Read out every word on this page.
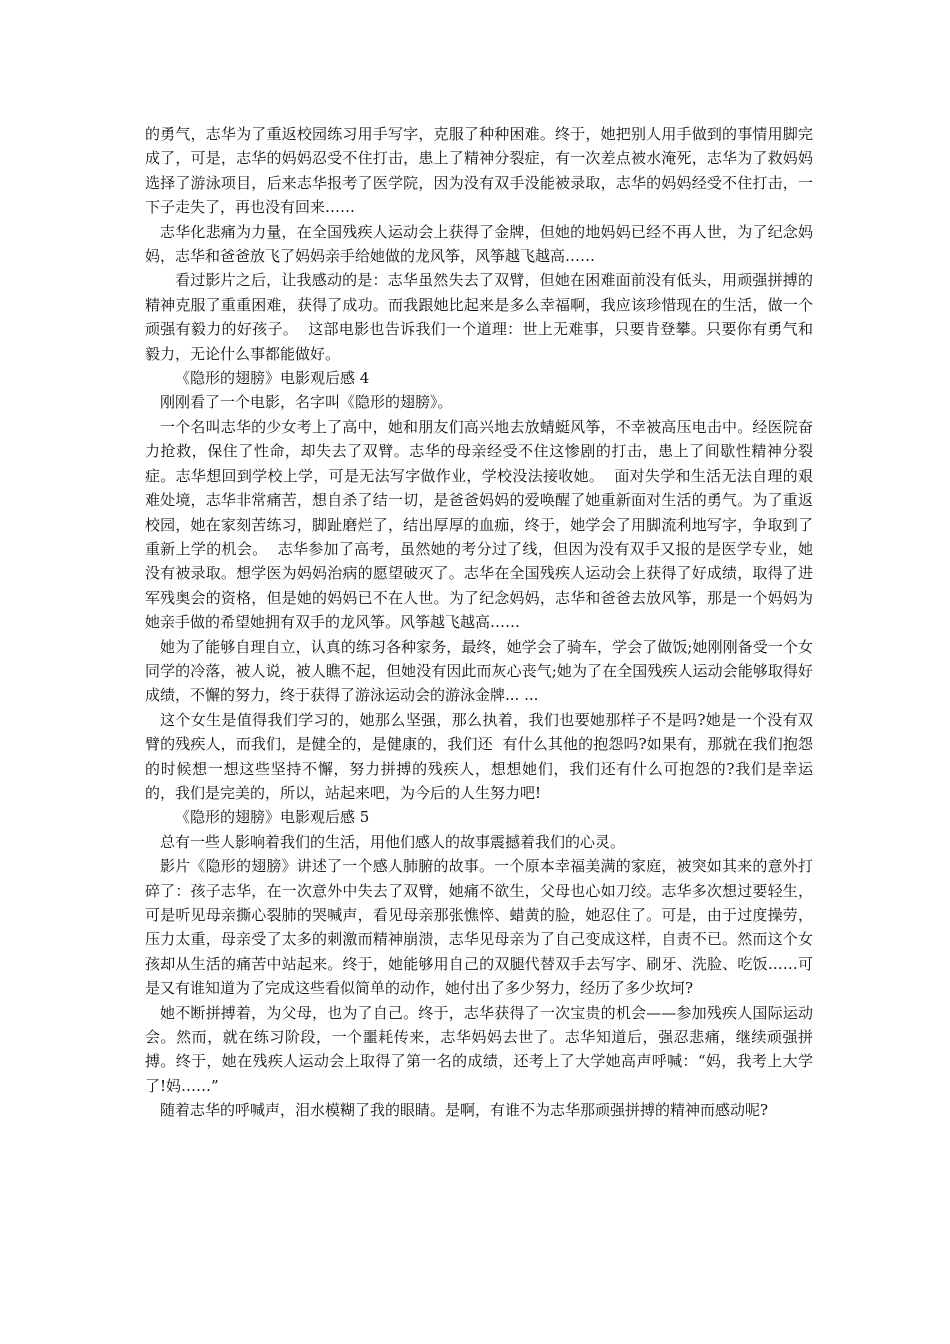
的勇气，志华为了重返校园练习用手写字，克服了种种困难。终于，她把别人用手做到的事情用脚完成了，可是，志华的妈妈忍受不住打击，患上了精神分裂症，有一次差点被水淹死，志华为了救妈妈选择了游泳项目，后来志华报考了医学院，因为没有双手没能被录取，志华的妈妈经受不住打击，一下子走失了，再也没有回来……

志华化悲痛为力量，在全国残疾人运动会上获得了金牌，但她的地妈妈已经不再人世，为了纪念妈妈，志华和爸爸放飞了妈妈亲手给她做的龙风筝，风筝越飞越高……

看过影片之后，让我感动的是：志华虽然失去了双臂，但她在困难面前没有低头，用顽强拼搏的精神克服了重重困难，获得了成功。而我跟她比起来是多么幸福啊，我应该珍惜现在的生活，做一个顽强有毅力的好孩子。  这部电影也告诉我们一个道理：世上无难事，只要肯登攀。只要你有勇气和毅力，无论什么事都能做好。

《隐形的翅膀》电影观后感 4

刚刚看了一个电影，名字叫《隐形的翅膀》。

一个名叫志华的少女考上了高中，她和朋友们高兴地去放蜻蜓风筝，不幸被高压电击中。经医院奋力抢救，保住了性命，却失去了双臂。志华的母亲经受不住这惨剧的打击，患上了间歇性精神分裂症。志华想回到学校上学，可是无法写字做作业，学校没法接收她。  面对失学和生活无法自理的艰难处境，志华非常痛苦，想自杀了结一切，是爸爸妈妈的爱唤醒了她重新面对生活的勇气。为了重返校园，她在家刻苦练习，脚趾磨烂了，结出厚厚的血痂，终于，她学会了用脚流利地写字，争取到了重新上学的机会。  志华参加了高考，虽然她的考分过了线，但因为没有双手又报的是医学专业，她没有被录取。想学医为妈妈治病的愿望破灭了。志华在全国残疾人运动会上获得了好成绩，取得了进军残奥会的资格，但是她的妈妈已不在人世。为了纪念妈妈，志华和爸爸去放风筝，那是一个妈妈为她亲手做的希望她拥有双手的龙风筝。风筝越飞越高……

她为了能够自理自立，认真的练习各种家务，最终，她学会了骑车，学会了做饭;她刚刚备受一个女同学的冷落，被人说，被人瞧不起，但她没有因此而灰心丧气;她为了在全国残疾人运动会能够取得好成绩，不懈的努力，终于获得了游泳运动会的游泳金牌... ...

这个女生是值得我们学习的，她那么坚强，那么执着，我们也要她那样子不是吗?她是一个没有双臂的残疾人，而我们，是健全的，是健康的，我们还  有什么其他的抱怨吗?如果有，那就在我们抱怨的时候想一想这些坚持不懈，努力拼搏的残疾人，想想她们，我们还有什么可抱怨的?我们是幸运的，我们是完美的，所以，站起来吧，为今后的人生努力吧!

《隐形的翅膀》电影观后感 5

总有一些人影响着我们的生活，用他们感人的故事震撼着我们的心灵。

影片《隐形的翅膀》讲述了一个感人肺腑的故事。一个原本幸福美满的家庭，被突如其来的意外打碎了：孩子志华，在一次意外中失去了双臂，她痛不欲生，父母也心如刀绞。志华多次想过要轻生，可是听见母亲撕心裂肺的哭喊声，看见母亲那张憔悴、蜡黄的脸，她忍住了。可是，由于过度操劳，压力太重，母亲受了太多的刺激而精神崩溃，志华见母亲为了自己变成这样，自责不已。然而这个女孩却从生活的痛苦中站起来。终于，她能够用自己的双腿代替双手去写字、刷牙、洗脸、吃饭……可是又有谁知道为了完成这些看似简单的动作，她付出了多少努力，经历了多少坎坷?

她不断拼搏着，为父母，也为了自己。终于，志华获得了一次宝贵的机会——参加残疾人国际运动会。然而，就在练习阶段，一个噩耗传来，志华妈妈去世了。志华知道后，强忍悲痛，继续顽强拼搏。终于，她在残疾人运动会上取得了第一名的成绩，还考上了大学她高声呼喊：“妈，我考上大学了!妈……”

随着志华的呼喊声，泪水模糊了我的眼睛。是啊，有谁不为志华那顽强拼搏的精神而感动呢?
